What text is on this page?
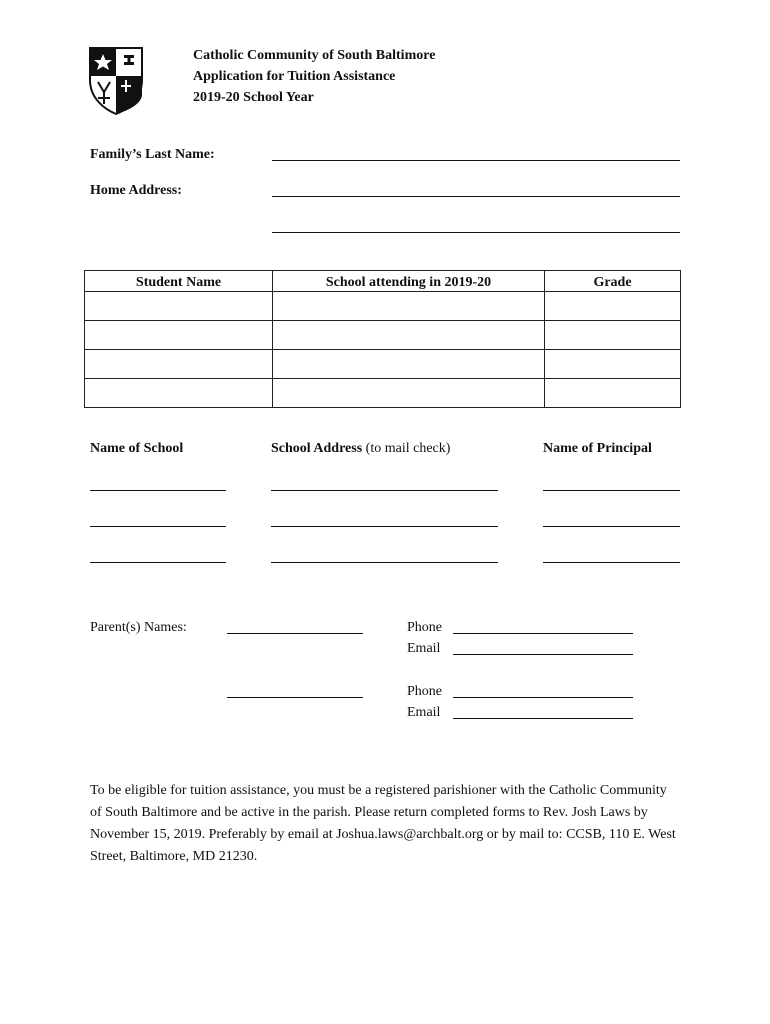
Catholic Community of South Baltimore
Application for Tuition Assistance
2019-20 School Year
Family’s Last Name:
Home Address:
Student Name	School attending in 2019-20	Grade

Name of School	School Address (to mail check)	Name of Principal
Parent(s) Names:	Phone
Email
Phone
Email
To be eligible for tuition assistance, you must be a registered parishioner with the Catholic Community of South Baltimore and be active in the parish. Please return completed forms to Rev. Josh Laws by November 15, 2019. Preferably by email at Joshua.laws@archbalt.org or by mail to: CCSB, 110 E. West Street, Baltimore, MD 21230.
